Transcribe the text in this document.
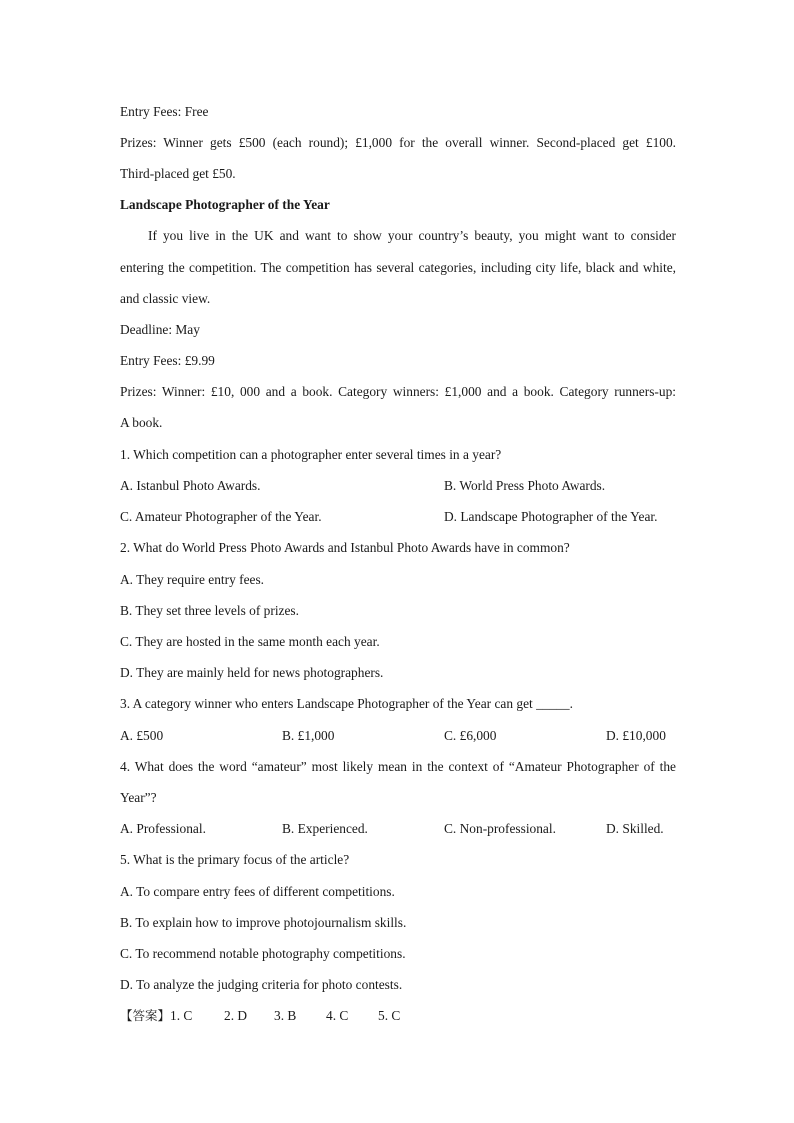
Entry Fees: Free
Prizes: Winner gets £500 (each round); £1,000 for the overall winner. Second-placed get £100.
Third-placed get £50.
Landscape Photographer of the Year
If you live in the UK and want to show your country’s beauty, you might want to consider
entering the competition. The competition has several categories, including city life, black and white,
and classic view.
Deadline: May
Entry Fees: £9.99
Prizes: Winner: £10, 000 and a book. Category winners: £1,000 and a book. Category runners-up:
A book.
1. Which competition can a photographer enter several times in a year?
A. Istanbul Photo Awards.	B. World Press Photo Awards.
C. Amateur Photographer of the Year.	D. Landscape Photographer of the Year.
2. What do World Press Photo Awards and Istanbul Photo Awards have in common?
A. They require entry fees.
B. They set three levels of prizes.
C. They are hosted in the same month each year.
D. They are mainly held for news photographers.
3. A category winner who enters Landscape Photographer of the Year can get _____.
A. £500	B. £1,000	C. £6,000	D. £10,000
4. What does the word “amateur” most likely mean in the context of “Amateur Photographer of the
Year”?
A. Professional.	B. Experienced.	C. Non-professional.	D. Skilled.
5. What is the primary focus of the article?
A. To compare entry fees of different competitions.
B. To explain how to improve photojournalism skills.
C. To recommend notable photography competitions.
D. To analyze the judging criteria for photo contests.
【答案】1. C 2. D 3. B 4. C 5. C
